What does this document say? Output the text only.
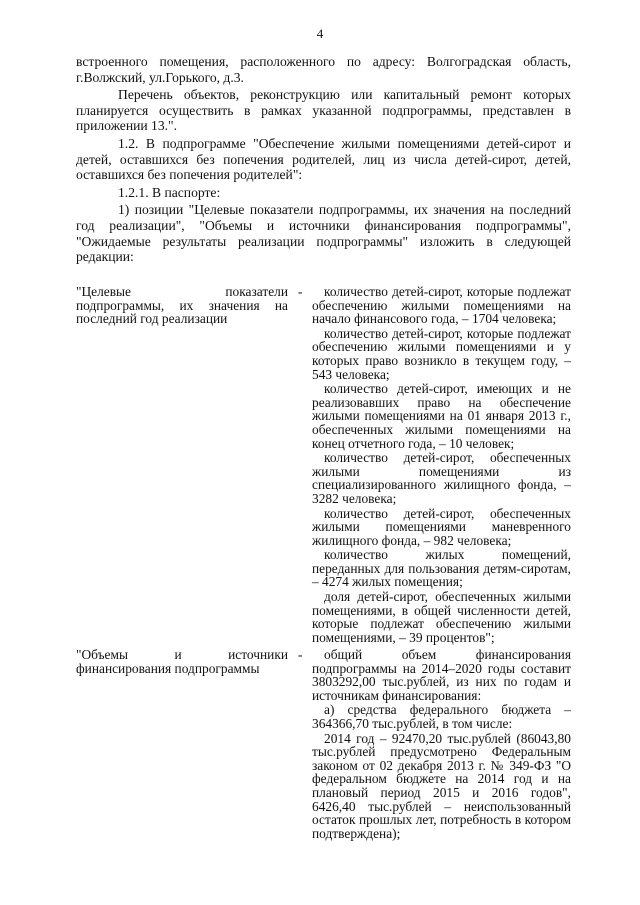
4

встроенного помещения, расположенного по адресу: Волгоградская область, г.Волжский, ул.Горького, д.3.

Перечень объектов, реконструкцию или капитальный ремонт которых планируется осуществить в рамках указанной подпрограммы, представлен в приложении 13.".

1.2. В подпрограмме "Обеспечение жилыми помещениями детей-сирот и детей, оставшихся без попечения родителей, лиц из числа детей-сирот, детей, оставшихся без попечения родителей":

1.2.1. В паспорте:

1) позиции "Целевые показатели подпрограммы, их значения на последний год реализации", "Объемы и источники финансирования подпрограммы", "Ожидаемые результаты реализации подпрограммы" изложить в следующей редакции:

"Целевые показатели подпрограммы, их значения на последний год реализации
-	количество детей-сирот, которые подлежат обеспечению жилыми помещениями на начало финансового года, – 1704 человека;

количество детей-сирот, которые подлежат обеспечению жилыми помещениями и у которых право возникло в текущем году, – 543 человека;

количество детей-сирот, имеющих и не реализовавших право на обеспечение жилыми помещениями на 01 января 2013 г., обеспеченных жилыми помещениями на конец отчетного года, – 10 человек;

количество детей-сирот, обеспеченных жилыми помещениями из специализированного жилищного фонда, – 3282 человека;

количество детей-сирот, обеспеченных жилыми помещениями маневренного жилищного фонда, – 982 человека;

количество жилых помещений, переданных для пользования детям-сиротам, – 4274 жилых помещения;

доля детей-сирот, обеспеченных жилыми помещениями, в общей численности детей, которые подлежат обеспечению жилыми помещениями, – 39 процентов";

"Объемы и источники финансирования подпрограммы
-	общий объем финансирования подпрограммы на 2014–2020 годы составит 3803292,00 тыс.рублей, из них по годам и источникам финансирования:

а) средства федерального бюджета – 364366,70 тыс.рублей, в том числе:

2014 год – 92470,20 тыс.рублей (86043,80 тыс.рублей предусмотрено Федеральным законом от 02 декабря 2013 г. № 349-ФЗ "О федеральном бюджете на 2014 год и на плановый период 2015 и 2016 годов", 6426,40 тыс.рублей – неиспользованный остаток прошлых лет, потребность в котором подтверждена);
